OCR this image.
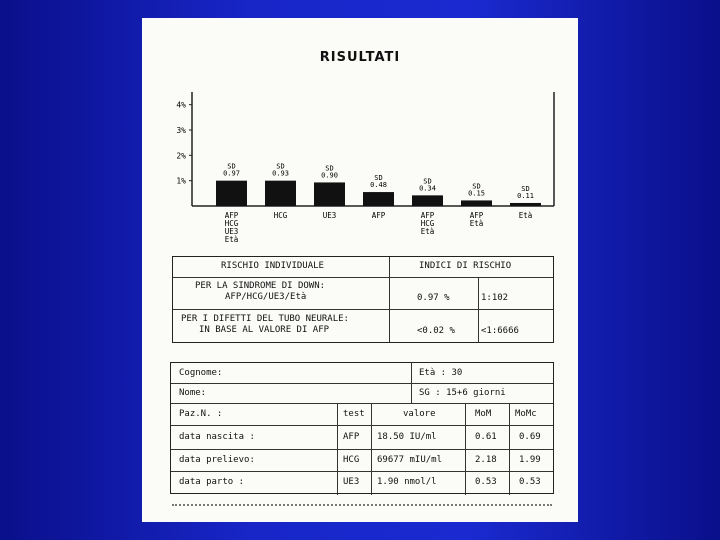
RISULTATI
4%
3%
2%
1%
SD
0.97
AFP
HCG
UE3
Età
SD
0.93
HCG
SD
0.90
UE3
SD
0.48
AFP
SD
0.34
AFP
HCG
Età
SD
0.15
AFP
Età
SD
0.11
Età
RISCHIO INDIVIDUALE	INDICI DI RISCHIO
PER LA SINDROME DI DOWN:
AFP/HCG/UE3/Età	0.97 %	1:102
PER I DIFETTI DEL TUBO NEURALE:
IN BASE AL VALORE DI AFP	<0.02 %	<1:6666
Cognome:	Età : 30
Nome:	SG : 15+6 giorni
Paz.N. :	test	valore	MoM	MoMc
data nascita :	AFP 18.50 IU/ml	0.61 0.69
data prelievo:	HCG 69677 mIU/ml	2.18 1.99
data parto :	UE3 1.90 nmol/l	0.53 0.53
